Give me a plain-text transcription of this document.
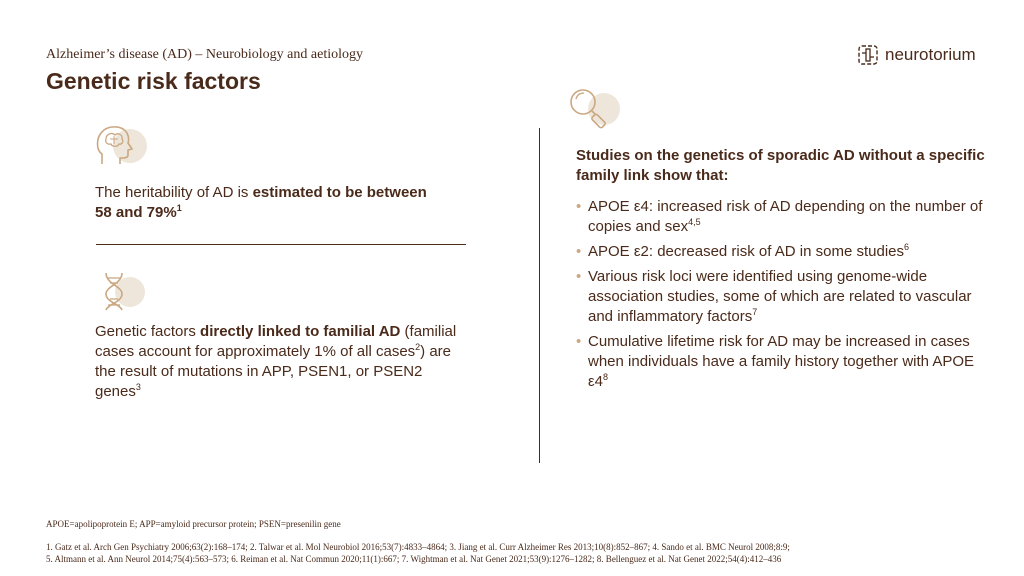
Alzheimer’s disease (AD) – Neurobiology and aetiology
Genetic risk factors
neurotorium
The heritability of AD is estimated to be between 58 and 79%$^1$
Genetic factors directly linked to familial AD (familial cases account for approximately 1% of all cases$^2$) are the result of mutations in APP, PSEN1, or PSEN2 genes$^3$
Studies on the genetics of sporadic AD without a specific family link show that:
• APOE ε4: increased risk of AD depending on the number of copies and sex$^{4,5}$
• APOE ε2: decreased risk of AD in some studies$^6$
• Various risk loci were identified using genome-wide association studies, some of which are related to vascular and inflammatory factors$^7$
• Cumulative lifetime risk for AD may be increased in cases when individuals have a family history together with APOE $\varepsilon 4^8$
APOE=apolipoprotein E; APP=amyloid precursor protein; PSEN=presenilin gene
1. Gatz et al. Arch Gen Psychiatry 2006;63(2):168–174; 2. Talwar et al. Mol Neurobiol 2016;53(7):4833–4864; 3. Jiang et al. Curr Alzheimer Res 2013;10(8):852–867; 4. Sando et al. BMC Neurol 2008;8:9;
5. Altmann et al. Ann Neurol 2014;75(4):563–573; 6. Reiman et al. Nat Commun 2020;11(1):667; 7. Wightman et al. Nat Genet 2021;53(9):1276–1282; 8. Bellenguez et al. Nat Genet 2022;54(4):412–436
